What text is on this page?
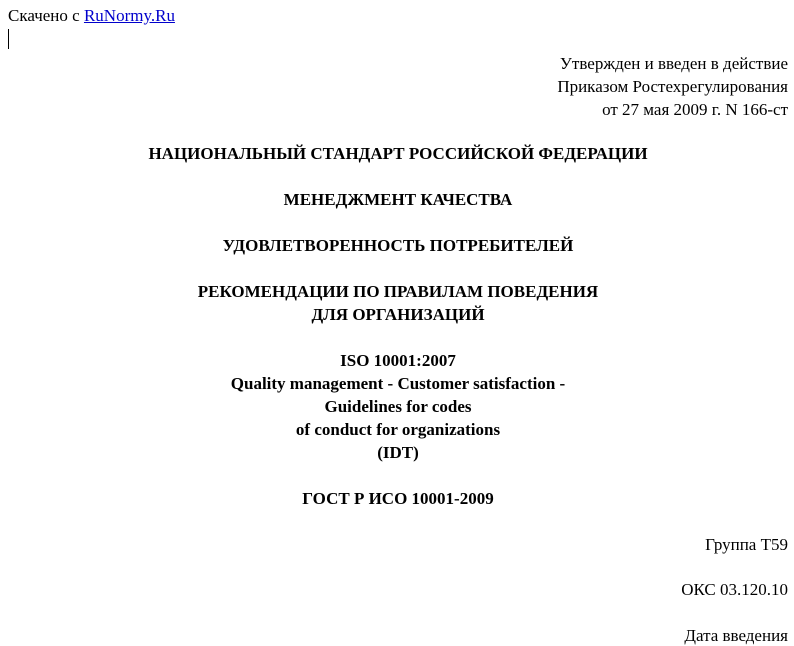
Скачено с RuNormy.Ru
Утвержден и введен в действие
Приказом Ростехрегулирования
от 27 мая 2009 г. N 166-ст
НАЦИОНАЛЬНЫЙ СТАНДАРТ РОССИЙСКОЙ ФЕДЕРАЦИИ
МЕНЕДЖМЕНТ КАЧЕСТВА
УДОВЛЕТВОРЕННОСТЬ ПОТРЕБИТЕЛЕЙ
РЕКОМЕНДАЦИИ ПО ПРАВИЛАМ ПОВЕДЕНИЯ
ДЛЯ ОРГАНИЗАЦИЙ
ISO 10001:2007
Quality management - Customer satisfaction -
Guidelines for codes
of conduct for organizations
(IDT)
ГОСТ Р ИСО 10001-2009
Группа Т59
ОКС 03.120.10
Дата введения
